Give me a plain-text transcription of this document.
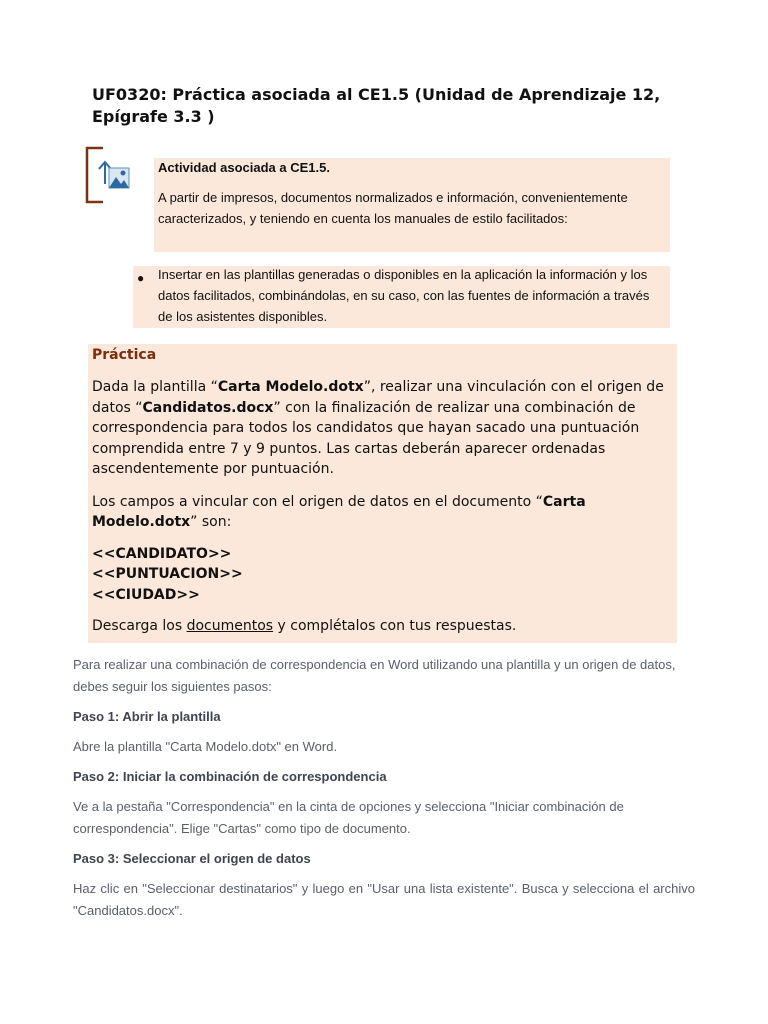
UF0320: Práctica asociada al CE1.5 (Unidad de Aprendizaje 12,
Epígrafe 3.3 )
Actividad asociada a CE1.5.
A partir de impresos, documentos normalizados e información, convenientemente caracterizados, y teniendo en cuenta los manuales de estilo facilitados:
● Insertar en las plantillas generadas o disponibles en la aplicación la información y los datos facilitados, combinándolas, en su caso, con las fuentes de información a través de los asistentes disponibles.
Práctica
Dada la plantilla “Carta Modelo.dotx”, realizar una vinculación con el origen de datos “Candidatos.docx” con la finalización de realizar una combinación de correspondencia para todos los candidatos que hayan sacado una puntuación comprendida entre 7 y 9 puntos. Las cartas deberán aparecer ordenadas ascendentemente por puntuación.
Los campos a vincular con el origen de datos en el documento “Carta Modelo.dotx” son:
<<CANDIDATO>>
<<PUNTUACION>>
<<CIUDAD>>
Descarga los documentos y complétalos con tus respuestas.

Para realizar una combinación de correspondencia en Word utilizando una plantilla y un origen de datos, debes seguir los siguientes pasos:

Paso 1: Abrir la plantilla

Abre la plantilla "Carta Modelo.dotx" en Word.

Paso 2: Iniciar la combinación de correspondencia

Ve a la pestaña "Correspondencia" en la cinta de opciones y selecciona "Iniciar combinación de correspondencia". Elige "Cartas" como tipo de documento.

Paso 3: Seleccionar el origen de datos

Haz clic en "Seleccionar destinatarios" y luego en "Usar una lista existente". Busca y selecciona el archivo "Candidatos.docx".
